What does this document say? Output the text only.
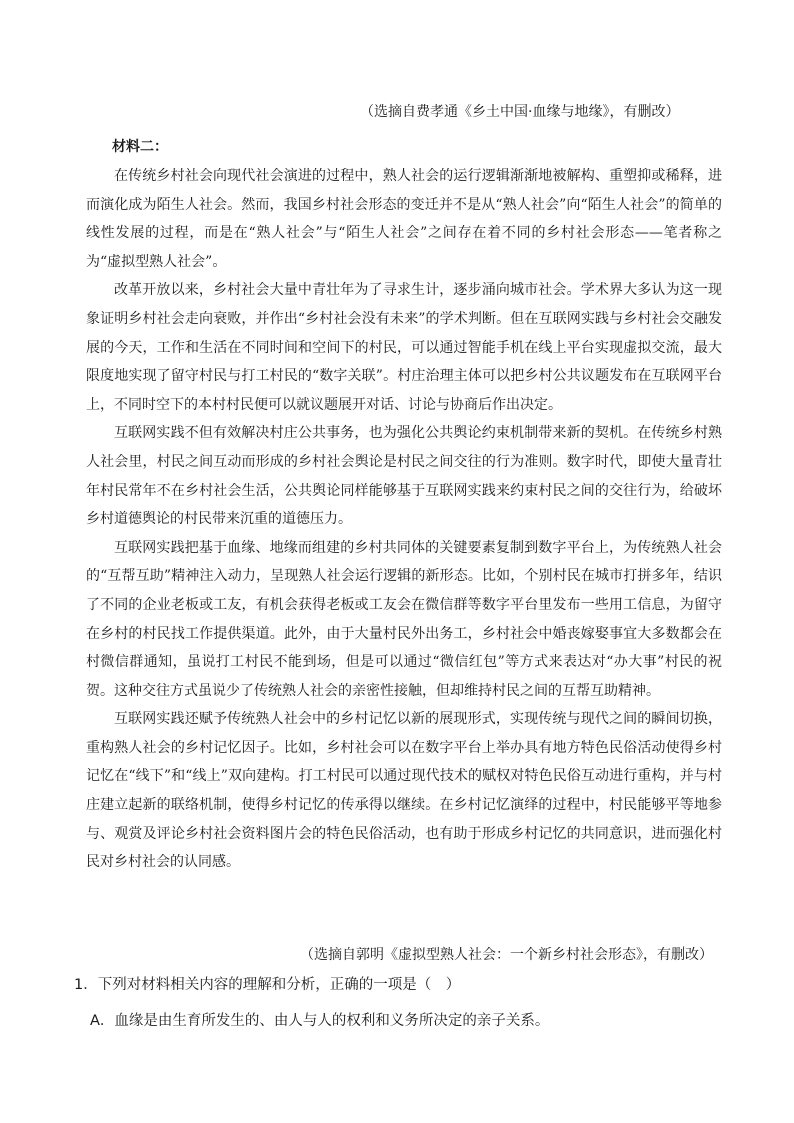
（选摘自费孝通《乡土中国·血缘与地缘》，有删改）
材料二：

在传统乡村社会向现代社会演进的过程中，熟人社会的运行逻辑渐渐地被解构、重塑抑或稀释，进而演化成为陌生人社会。然而，我国乡村社会形态的变迁并不是从“熟人社会”向“陌生人社会”的简单的线性发展的过程，而是在“熟人社会”与“陌生人社会”之间存在着不同的乡村社会形态——笔者称之为“虚拟型熟人社会”。

改革开放以来，乡村社会大量中青壮年为了寻求生计，逐步涌向城市社会。学术界大多认为这一现象证明乡村社会走向衰败，并作出“乡村社会没有未来”的学术判断。但在互联网实践与乡村社会交融发展的今天，工作和生活在不同时间和空间下的村民，可以通过智能手机在线上平台实现虚拟交流，最大限度地实现了留守村民与打工村民的“数字关联”。村庄治理主体可以把乡村公共议题发布在互联网平台上，不同时空下的本村村民便可以就议题展开对话、讨论与协商后作出决定。

互联网实践不但有效解决村庄公共事务，也为强化公共舆论约束机制带来新的契机。在传统乡村熟人社会里，村民之间互动而形成的乡村社会舆论是村民之间交往的行为准则。数字时代，即使大量青壮年村民常年不在乡村社会生活，公共舆论同样能够基于互联网实践来约束村民之间的交往行为，给破坏乡村道德舆论的村民带来沉重的道德压力。

互联网实践把基于血缘、地缘而组建的乡村共同体的关键要素复制到数字平台上，为传统熟人社会的“互帮互助”精神注入动力，呈现熟人社会运行逻辑的新形态。比如，个别村民在城市打拼多年，结识了不同的企业老板或工友，有机会获得老板或工友会在微信群等数字平台里发布一些用工信息，为留守在乡村的村民找工作提供渠道。此外，由于大量村民外出务工，乡村社会中婚丧嫁娶事宜大多数都会在村微信群通知，虽说打工村民不能到场，但是可以通过“微信红包”等方式来表达对“办大事”村民的祝贺。这种交往方式虽说少了传统熟人社会的亲密性接触，但却维持村民之间的互帮互助精神。

互联网实践还赋予传统熟人社会中的乡村记忆以新的展现形式，实现传统与现代之间的瞬间切换，重构熟人社会的乡村记忆因子。比如，乡村社会可以在数字平台上举办具有地方特色民俗活动使得乡村记忆在“线下”和“线上”双向建构。打工村民可以通过现代技术的赋权对特色民俗互动进行重构，并与村庄建立起新的联络机制，使得乡村记忆的传承得以继续。在乡村记忆演绎的过程中，村民能够平等地参与、观赏及评论乡村社会资料图片会的特色民俗活动，也有助于形成乡村记忆的共同意识，进而强化村民对乡村社会的认同感。

（选摘自郭明《虚拟型熟人社会：一个新乡村社会形态》，有删改）
1．下列对材料相关内容的理解和分析，正确的一项是（　）
A．血缘是由生育所发生的、由人与人的权利和义务所决定的亲子关系。
